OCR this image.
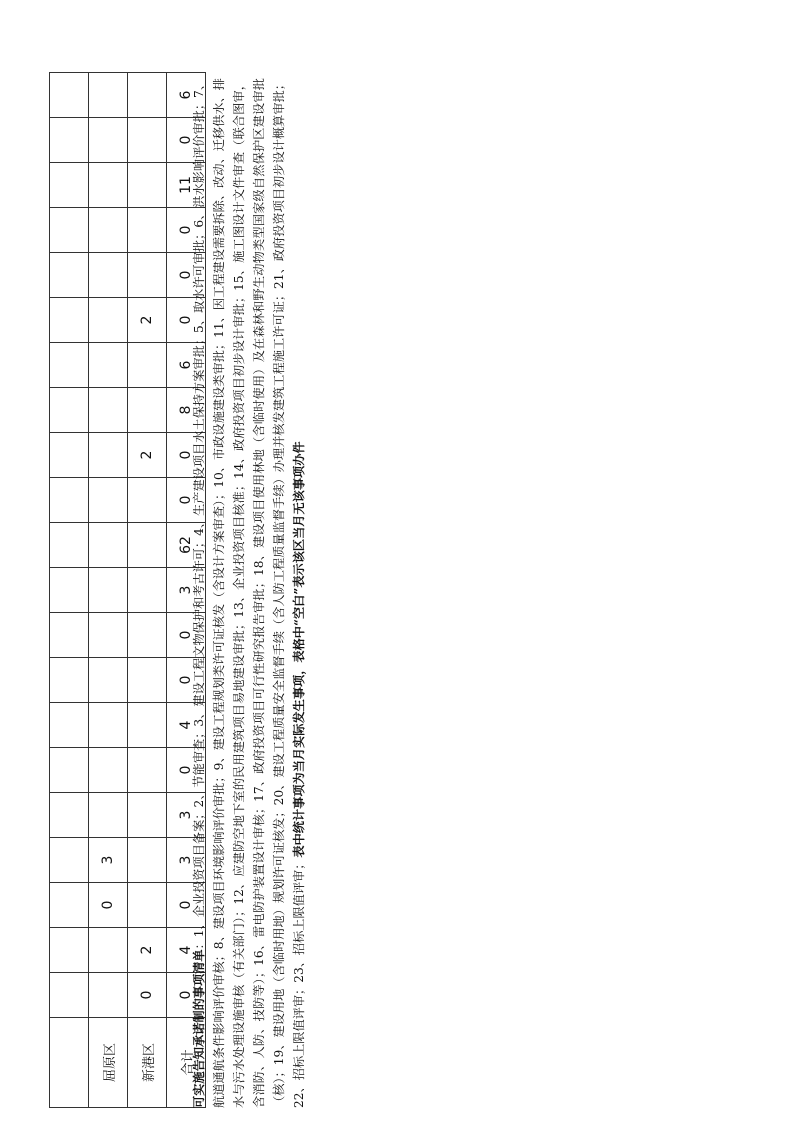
屈原区			0	3																	
新港区	0	2											2			2					
合计	0	4	0	3	3	0	4	0	0	3	62	0	0	8	6	0	0	0	11	0	6
可实施告知承诺制的事项清单：1、企业投资项目备案；2、节能审查；3、建设工程文物保护和考古许可；4、生产建设项目水土保持方案审批；5、取水许可审批；6、洪水影响评价审批；7、航道通航条件影响评价审核；8、建设项目环境影响评价审批；9、建设工程规划类许可证核发（含设计方案审查）；10、市政设施建设类审批；11、因工程建设需要拆除、改动、迁移供水、排水与污水处理设施审核（有关部门）；12、应建防空地下室的民用建筑项目易地建设审批；13、企业投资项目核准；14、政府投资项目初步设计审批；15、施工图设计文件审查（联合图审，含消防、人防、技防等）；16、雷电防护装置设计审核；17、政府投资项目可行性研究报告审批；18、建设项目使用林地（含临时使用）及在森林和野生动物类型国家级自然保护区建设审批（核）；19、建设用地（含临时用地）规划许可证核发；20、建设工程质量安全监督手续（含人防工程质量监督手续）办理并核发建筑工程施工许可证；21、政府投资项目初步设计概算审批；22、招标上限值评审；23、招标上限值评审；表中统计事项为当月实际发生事项，表格中“空白”表示该区当月无该事项办件
